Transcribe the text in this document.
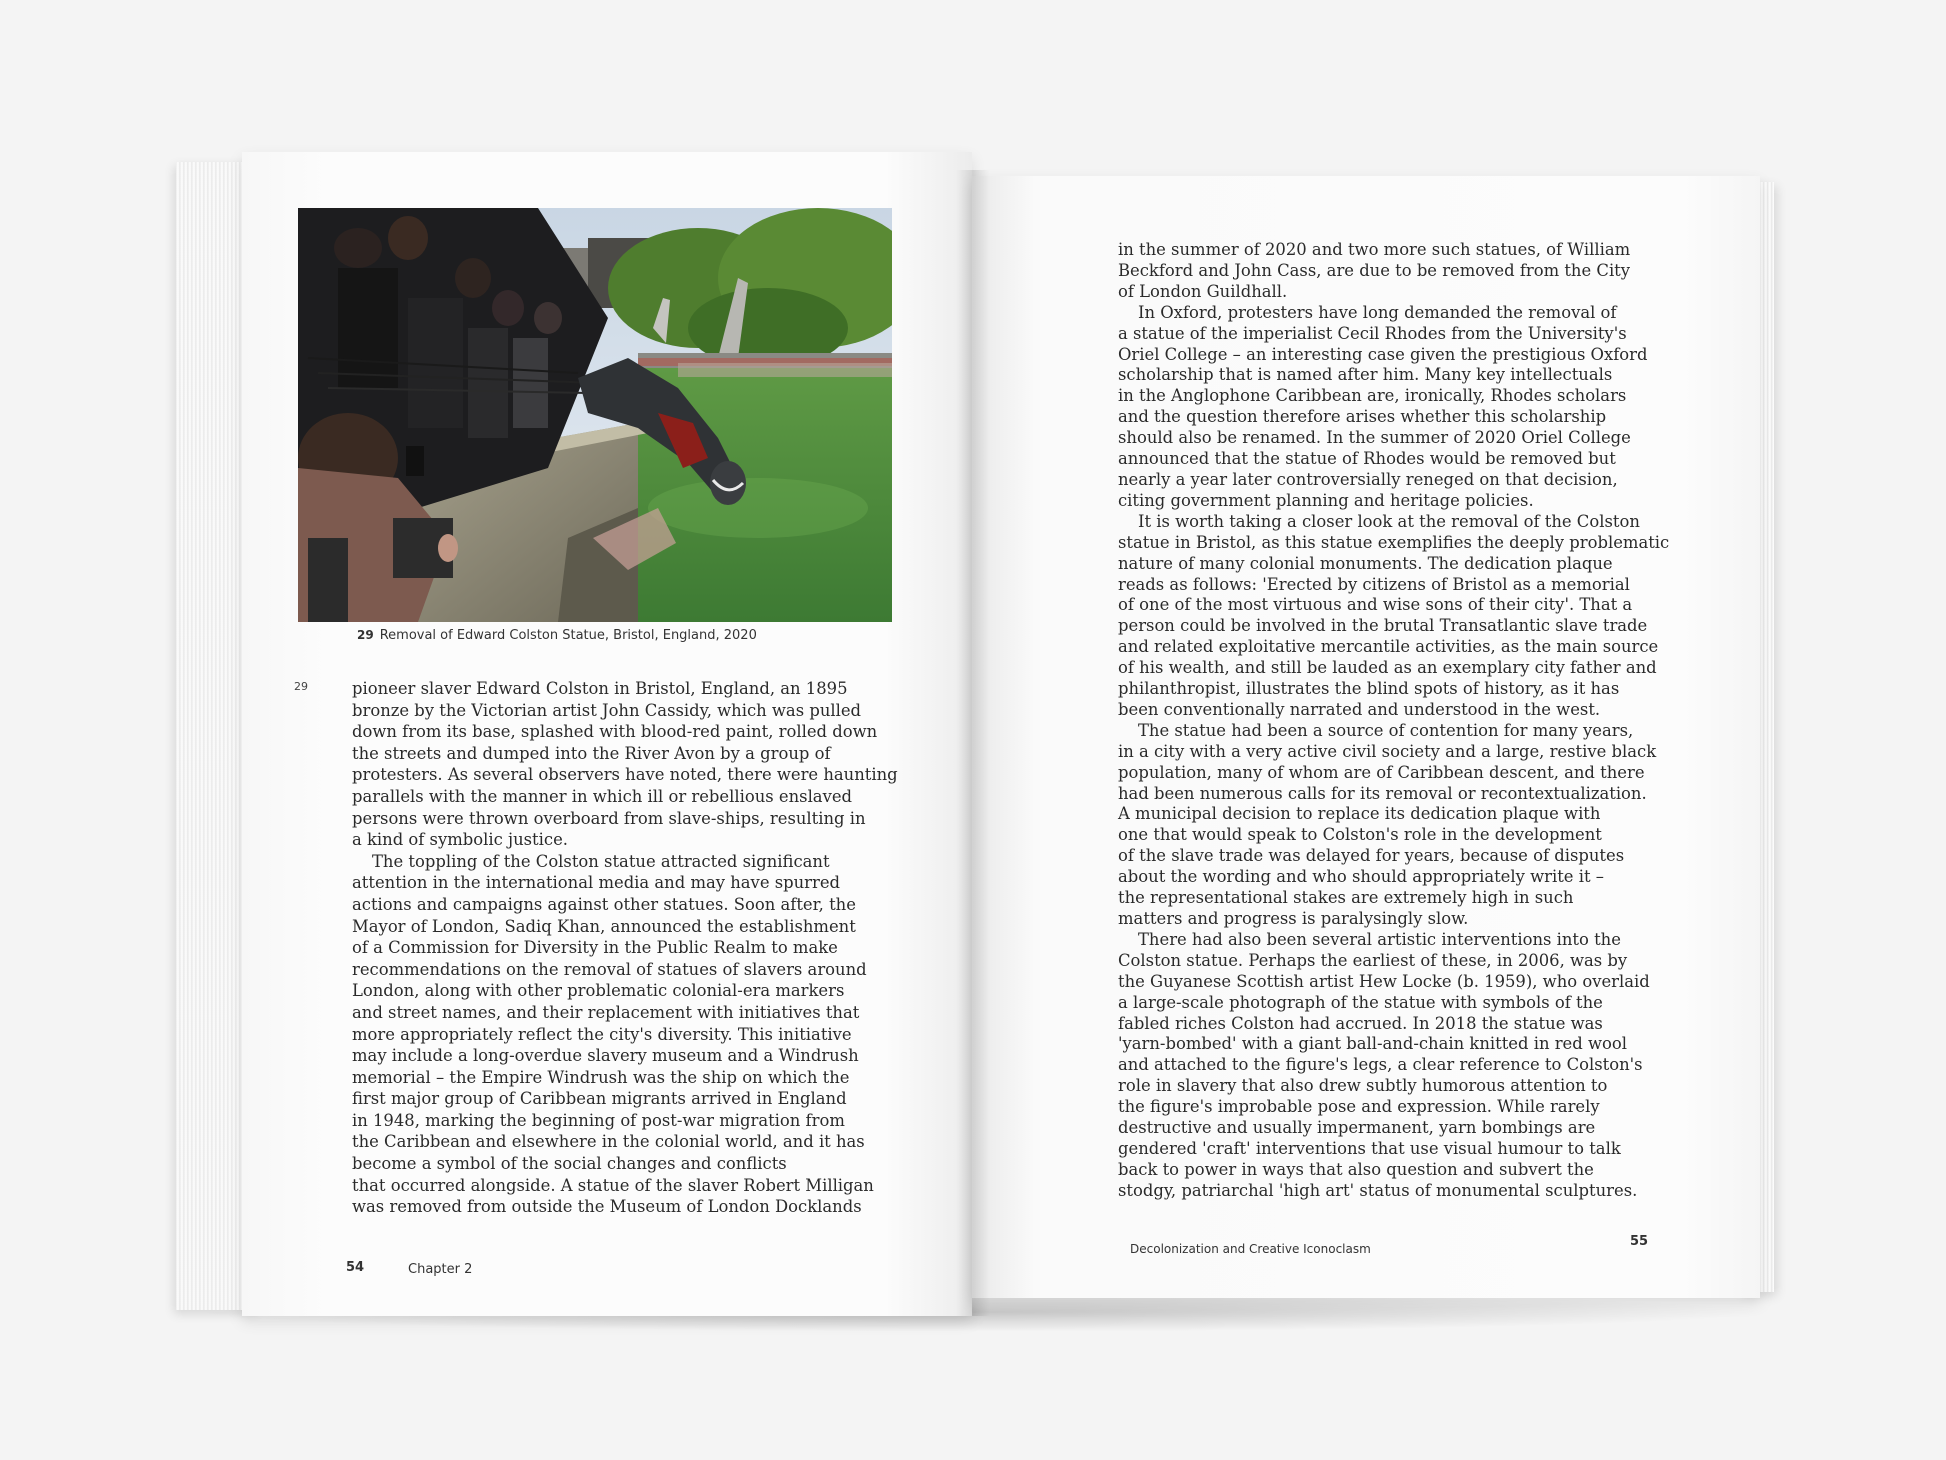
29 Removal of Edward Colston Statue, Bristol, England, 2020
29	pioneer slaver Edward Colston in Bristol, England, an 1895
bronze by the Victorian artist John Cassidy, which was pulled
down from its base, splashed with blood-red paint, rolled down
the streets and dumped into the River Avon by a group of
protesters. As several observers have noted, there were haunting
parallels with the manner in which ill or rebellious enslaved
persons were thrown overboard from slave-ships, resulting in
a kind of symbolic justice.

The toppling of the Colston statue attracted significant
attention in the international media and may have spurred
actions and campaigns against other statues. Soon after, the
Mayor of London, Sadiq Khan, announced the establishment
of a Commission for Diversity in the Public Realm to make
recommendations on the removal of statues of slavers around
London, along with other problematic colonial-era markers
and street names, and their replacement with initiatives that
more appropriately reflect the city's diversity. This initiative
may include a long-overdue slavery museum and a Windrush
memorial – the Empire Windrush was the ship on which the
first major group of Caribbean migrants arrived in England
in 1948, marking the beginning of post-war migration from
the Caribbean and elsewhere in the colonial world, and it has
become a symbol of the social changes and conflicts
that occurred alongside. A statue of the slaver Robert Milligan
was removed from outside the Museum of London Docklands

in the summer of 2020 and two more such statues, of William
Beckford and John Cass, are due to be removed from the City
of London Guildhall.

In Oxford, protesters have long demanded the removal of
a statue of the imperialist Cecil Rhodes from the University's
Oriel College – an interesting case given the prestigious Oxford
scholarship that is named after him. Many key intellectuals
in the Anglophone Caribbean are, ironically, Rhodes scholars
and the question therefore arises whether this scholarship
should also be renamed. In the summer of 2020 Oriel College
announced that the statue of Rhodes would be removed but
nearly a year later controversially reneged on that decision,
citing government planning and heritage policies.

It is worth taking a closer look at the removal of the Colston
statue in Bristol, as this statue exemplifies the deeply problematic
nature of many colonial monuments. The dedication plaque
reads as follows: 'Erected by citizens of Bristol as a memorial
of one of the most virtuous and wise sons of their city'. That a
person could be involved in the brutal Transatlantic slave trade
and related exploitative mercantile activities, as the main source
of his wealth, and still be lauded as an exemplary city father and
philanthropist, illustrates the blind spots of history, as it has
been conventionally narrated and understood in the west.

The statue had been a source of contention for many years,
in a city with a very active civil society and a large, restive black
population, many of whom are of Caribbean descent, and there
had been numerous calls for its removal or recontextualization.
A municipal decision to replace its dedication plaque with
one that would speak to Colston's role in the development
of the slave trade was delayed for years, because of disputes
about the wording and who should appropriately write it –
the representational stakes are extremely high in such
matters and progress is paralysingly slow.

There had also been several artistic interventions into the
Colston statue. Perhaps the earliest of these, in 2006, was by
the Guyanese Scottish artist Hew Locke (b. 1959), who overlaid
a large-scale photograph of the statue with symbols of the
fabled riches Colston had accrued. In 2018 the statue was
'yarn-bombed' with a giant ball-and-chain knitted in red wool
and attached to the figure's legs, a clear reference to Colston's
role in slavery that also drew subtly humorous attention to
the figure's improbable pose and expression. While rarely
destructive and usually impermanent, yarn bombings are
gendered 'craft' interventions that use visual humour to talk
back to power in ways that also question and subvert the
stodgy, patriarchal 'high art' status of monumental sculptures.

54	Chapter 2
Decolonization and Creative Iconoclasm	55
